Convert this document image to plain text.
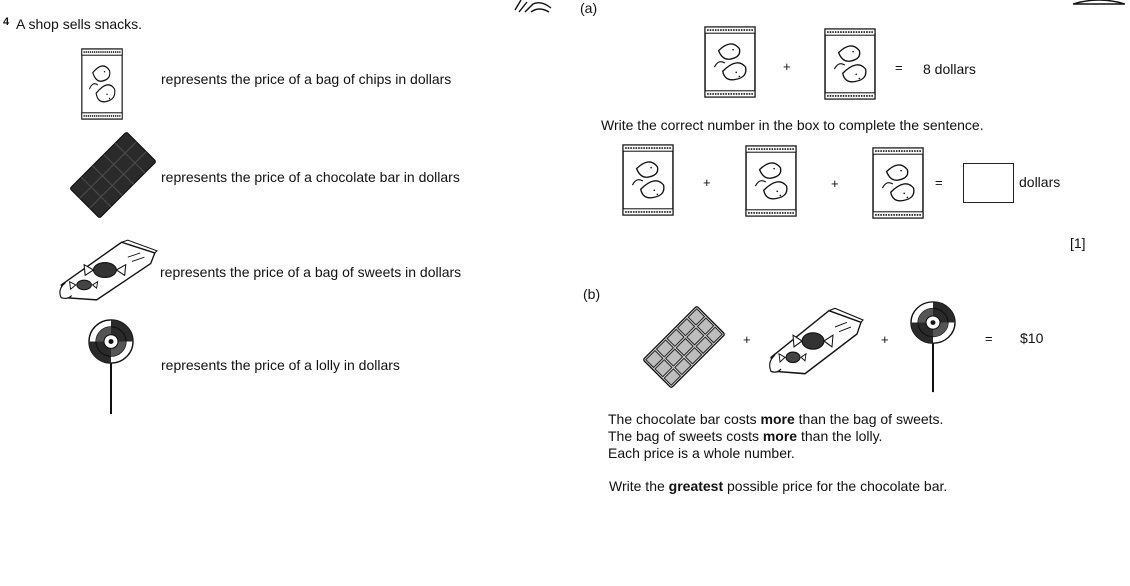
4 A shop sells snacks.
represents the price of a bag of chips in dollars
represents the price of a chocolate bar in dollars
represents the price of a bag of sweets in dollars
represents the price of a lolly in dollars
(a)
+	= 8 dollars
Write the correct number in the box to complete the sentence.
+	+	=	dollars
[1]
(b)
+	+	= $10
The chocolate bar costs more than the bag of sweets.
The bag of sweets costs more than the lolly.
Each price is a whole number.
Write the greatest possible price for the chocolate bar.
